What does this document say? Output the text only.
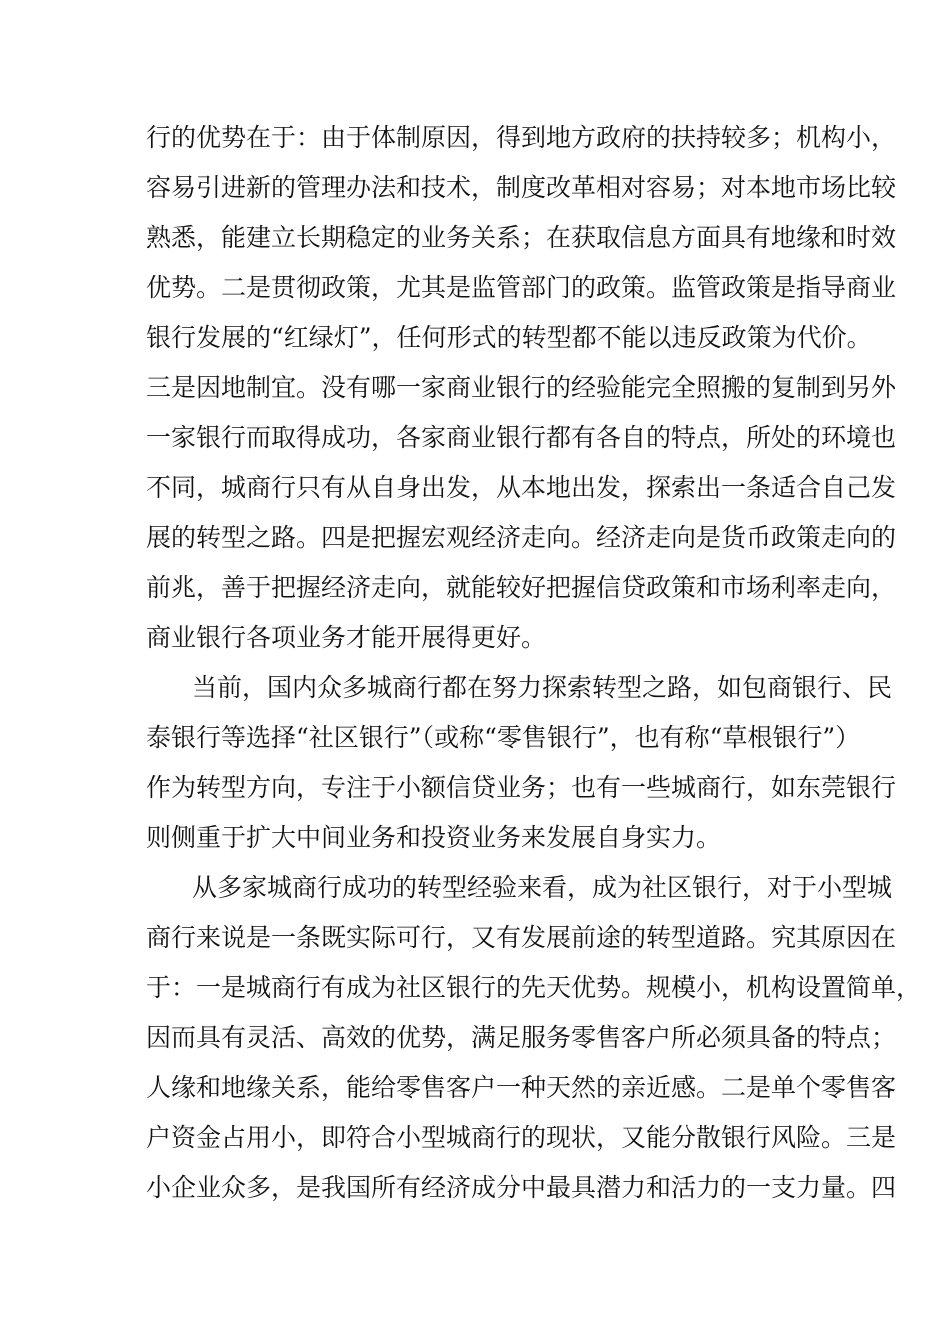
行的优势在于：由于体制原因，得到地方政府的扶持较多；机构小，
容易引进新的管理办法和技术，制度改革相对容易；对本地市场比较
熟悉，能建立长期稳定的业务关系；在获取信息方面具有地缘和时效
优势。二是贯彻政策，尤其是监管部门的政策。监管政策是指导商业
银行发展的“红绿灯”，任何形式的转型都不能以违反政策为代价。
三是因地制宜。没有哪一家商业银行的经验能完全照搬的复制到另外
一家银行而取得成功，各家商业银行都有各自的特点，所处的环境也
不同，城商行只有从自身出发，从本地出发，探索出一条适合自己发
展的转型之路。四是把握宏观经济走向。经济走向是货币政策走向的
前兆，善于把握经济走向，就能较好把握信贷政策和市场利率走向，
商业银行各项业务才能开展得更好。
当前，国内众多城商行都在努力探索转型之路，如包商银行、民
泰银行等选择“社区银行”（或称“零售银行”，也有称“草根银行”）
作为转型方向，专注于小额信贷业务；也有一些城商行，如东莞银行
则侧重于扩大中间业务和投资业务来发展自身实力。
从多家城商行成功的转型经验来看，成为社区银行，对于小型城
商行来说是一条既实际可行，又有发展前途的转型道路。究其原因在
于：一是城商行有成为社区银行的先天优势。规模小，机构设置简单，
因而具有灵活、高效的优势，满足服务零售客户所必须具备的特点；
人缘和地缘关系，能给零售客户一种天然的亲近感。二是单个零售客
户资金占用小，即符合小型城商行的现状，又能分散银行风险。三是
小企业众多，是我国所有经济成分中最具潜力和活力的一支力量。四
